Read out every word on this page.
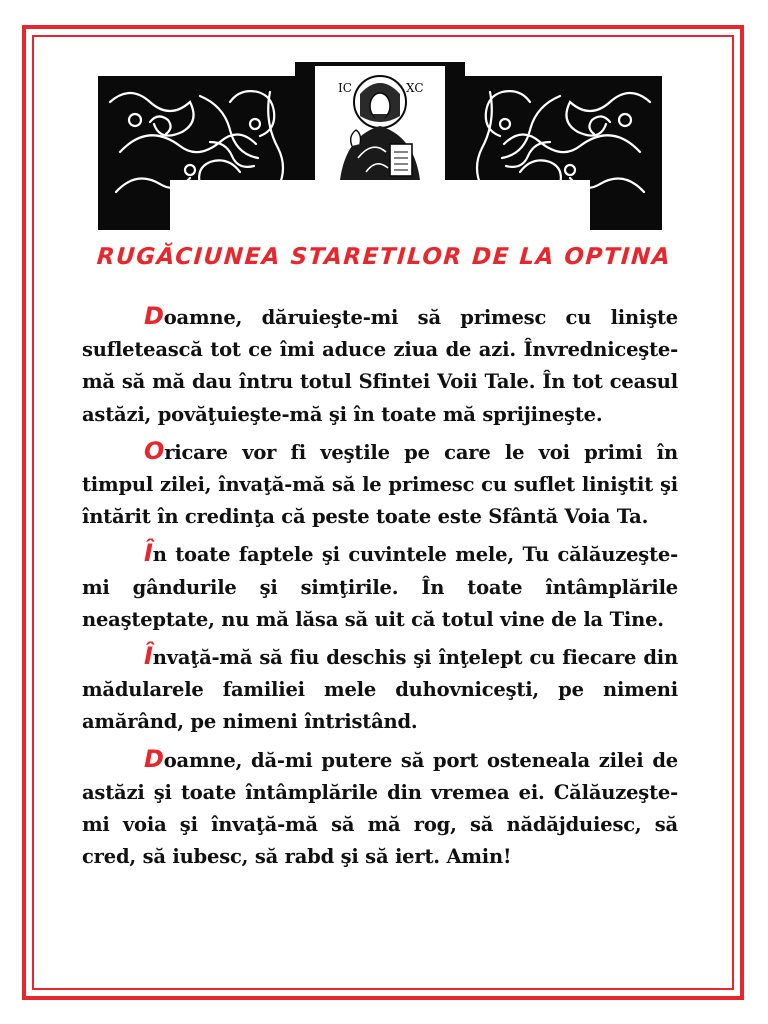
IC	XC
RUGĂCIUNEA STARETILOR DE LA OPTINA

Doamne, dăruieşte-mi să primesc cu linişte sufletească tot ce îmi aduce ziua de azi. Învredniceşte-mă să mă dau întru totul Sfintei Voii Tale. În tot ceasul astăzi, povăţuieşte-mă şi în toate mă sprijineşte.

Oricare vor fi veştile pe care le voi primi în timpul zilei, învaţă-mă să le primesc cu suflet liniştit şi întărit în credinţa că peste toate este Sfântă Voia Ta.

În toate faptele şi cuvintele mele, Tu călăuzeşte-mi gândurile şi simţirile. În toate întâmplările neaşteptate, nu mă lăsa să uit că totul vine de la Tine.

Învaţă-mă să fiu deschis şi înţelept cu fiecare din mădularele familiei mele duhovniceşti, pe nimeni amărând, pe nimeni întristând.

Doamne, dă-mi putere să port osteneala zilei de astăzi şi toate întâmplările din vremea ei. Călăuzeşte-mi voia şi învaţă-mă să mă rog, să nădăjduiesc, să cred, să iubesc, să rabd şi să iert. Amin!
